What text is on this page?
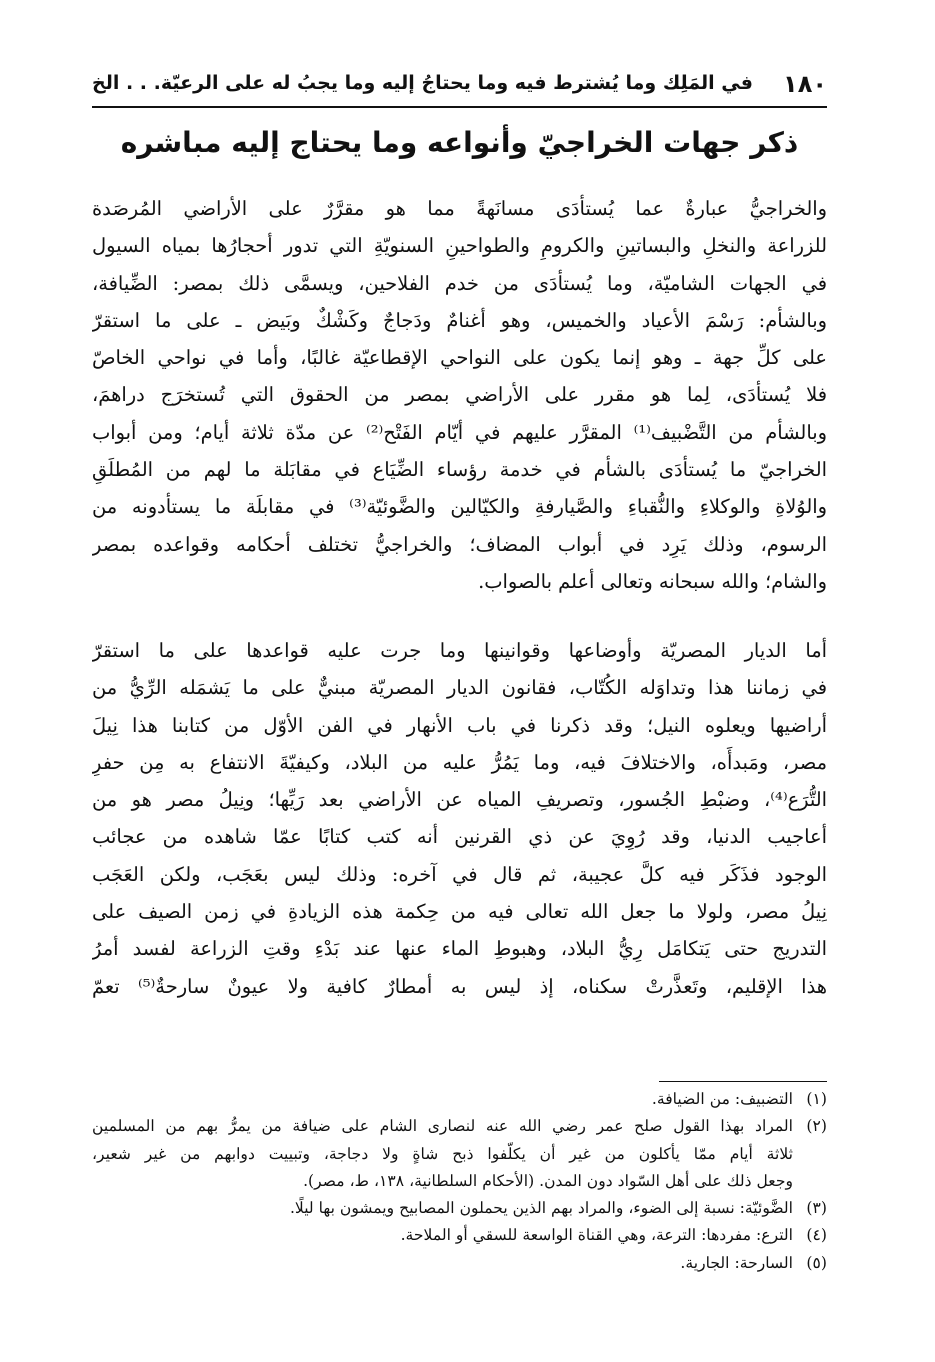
١٨٠
في المَلِك وما يُشترط فيه وما يحتاجُ إليه وما يجبُ له على الرعيّة. . . الخ
ذكر جهات الخراجيّ وأنواعه وما يحتاج إليه مباشره
والخراجيُّ عبارةٌ عما يُستأدَى مسانَهةً مما هو مقرَّرٌ على الأراضي المُرصَدة
للزراعة والنخلِ والبساتينِ والكرومِ والطواحينِ السنويّةِ التي تدور أحجارُها بمياه السيول
في الجهات الشاميّة، وما يُستأدَى من خدم الفلاحين، ويسمَّى ذلك بمصر: الضِّيافة،
وبالشأم: رَسْمَ الأعياد والخميس، وهو أغنامٌ ودَجاجٌ وكَشْكٌ وبَيض ـ على ما استقرّ
على كلِّ جهة ـ وهو إنما يكون على النواحي الإقطاعيّة غالبًا، وأما في نواحي الخاصّ
فلا يُستأدَى، لِما هو مقرر على الأراضي بمصر من الحقوق التي تُستخرَج دراهمَ،
وبالشأم من التَّضْبيف⁽¹⁾ المقرَّر عليهم في أيّام الفَتْح⁽²⁾ عن مدّة ثلاثة أيام؛ ومن أبواب
الخراجيّ ما يُستأدَى بالشأم في خدمة رؤساء الضِّيَاع في مقابَلة ما لهم من المُطلَقِ
والوُلاةِ والوكلاءِ والنُّقباءِ والصَّيارفةِ والكيّالين والضَّوئيّة⁽³⁾ في مقابلَة ما يستأدونه من
الرسوم، وذلك يَرِد في أبواب المضاف؛ والخراجيُّ تختلف أحكامه وقواعده بمصر
والشام؛ والله سبحانه وتعالى أعلم بالصواب.
أما الديار المصريّة وأوضاعها وقوانينها وما جرت عليه قواعدها على ما استقرّ
في زماننا هذا وتداوَله الكُتّاب، فقانون الديار المصريّة مبنيٌّ على ما يَشمَله الرِّيُّ من
أراضيها ويعلوه النيل؛ وقد ذكرنا في باب الأنهار في الفن الأوّل من كتابنا هذا نِيلَ
مصر، ومَبدأَه، والاختلافَ فيه، وما يَمُرُّ عليه من البلاد، وكيفيّةَ الانتفاع به مِن حفرِ
التُّرَع⁽⁴⁾، وضبْطِ الجُسور، وتصريفِ المياه عن الأراضي بعد رَيِّها؛ ونِيلُ مصر هو من
أعاجيب الدنيا، وقد رُوِيَ عن ذي القرنين أنه كتب كتابًا عمّا شاهده من عجائب
الوجود فذَكَر فيه كلَّ عجيبة، ثم قال في آخره: وذلك ليس بعَجَب، ولكن العَجَب
نِيلُ مصر، ولولا ما جعل الله تعالى فيه من حِكمة هذه الزيادةِ في زمن الصيف على
التدريج حتى يَتكامَل رِيُّ البلاد، وهبوطِ الماء عنها عند بَدْءِ وقتِ الزراعة لفسد أمرُ
هذا الإقليم، وتَعذَّرتْ سكناه، إذ ليس به أمطارٌ كافية ولا عيونٌ سارحةٌ⁽⁵⁾ تعمّ
(١)
التضبيف: من الضيافة.
(٢)
المراد بهذا القول صلح عمر رضي الله عنه لنصارى الشام على ضيافة من يمرُّ بهم من المسلمين
ثلاثة أيام ممّا يأكلون من غير أن يكلّفوا ذبح شاةٍ ولا دجاجة، وتبييت دوابهم من غير شعير،
وجعل ذلك على أهل السّواد دون المدن. (الأحكام السلطانية، ١٣٨، ط، مصر).
(٣)
الضَّوئيّة: نسبة إلى الضوء، والمراد بهم الذين يحملون المصابيح ويمشون بها ليلًا.
(٤)
الترع: مفردها: الترعة، وهي القناة الواسعة للسقي أو الملاحة.
(٥)
السارحة: الجارية.
